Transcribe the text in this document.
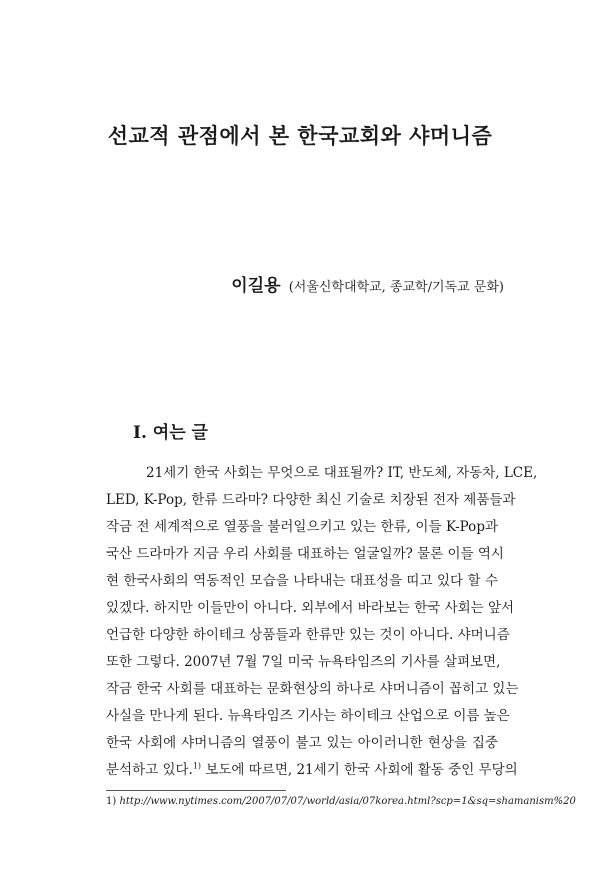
선교적 관점에서 본 한국교회와 샤머니즘
이길용 (서울신학대학교, 종교학/기독교 문화)
I. 여는 글
21세기 한국 사회는 무엇으로 대표될까? IT, 반도체, 자동차, LCE,
LED, K-Pop, 한류 드라마? 다양한 최신 기술로 치장된 전자 제품들과
작금 전 세계적으로 열풍을 불러일으키고 있는 한류, 이들 K-Pop과
국산 드라마가 지금 우리 사회를 대표하는 얼굴일까? 물론 이들 역시
현 한국사회의 역동적인 모습을 나타내는 대표성을 띠고 있다 할 수
있겠다. 하지만 이들만이 아니다. 외부에서 바라보는 한국 사회는 앞서
언급한 다양한 하이테크 상품들과 한류만 있는 것이 아니다. 샤머니즘
또한 그렇다. 2007년 7월 7일 미국 뉴욕타임즈의 기사를 살펴보면,
작금 한국 사회를 대표하는 문화현상의 하나로 샤머니즘이 꼽히고 있는
사실을 만나게 된다. 뉴욕타임즈 기사는 하이테크 산업으로 이름 높은
한국 사회에 샤머니즘의 열풍이 불고 있는 아이러니한 현상을 집중
분석하고 있다.$^{1)}$ 보도에 따르면, 21세기 한국 사회에 활동 중인 무당의
1) http://www.nytimes.com/2007/07/07/world/asia/07korea.html?scp=1&sq=shamanism%20
